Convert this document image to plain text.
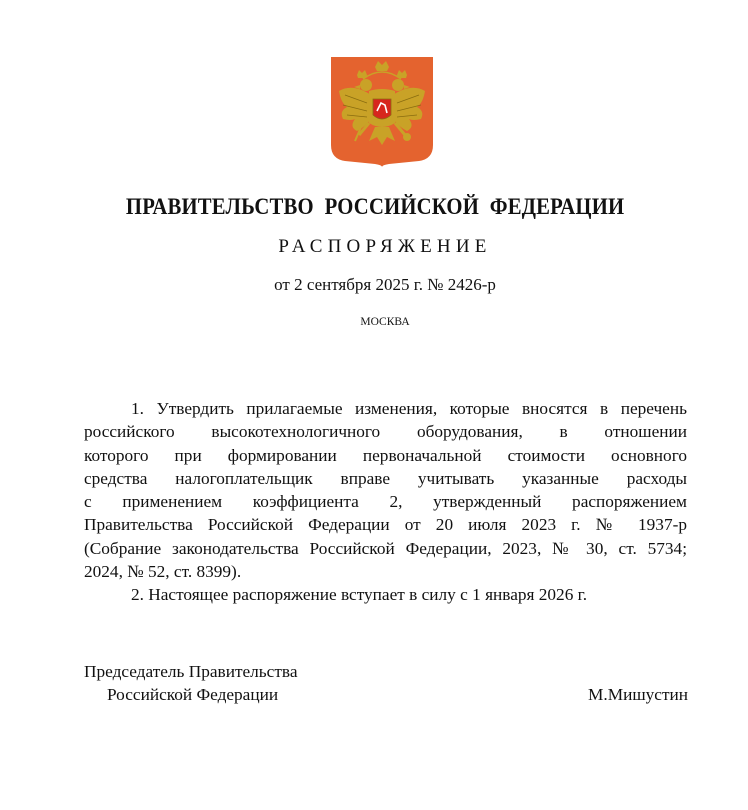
ПРАВИТЕЛЬСТВО РОССИЙСКОЙ ФЕДЕРАЦИИ
РАСПОРЯЖЕНИЕ
от 2 сентября 2025 г. № 2426-р
МОСКВА
1. Утвердить прилагаемые изменения, которые вносятся в перечень
российского высокотехнологичного оборудования, в отношении
которого при формировании первоначальной стоимости основного
средства налогоплательщик вправе учитывать указанные расходы
с применением коэффициента 2, утвержденный распоряжением
Правительства Российской Федерации от 20 июля 2023 г. № 1937-р
(Собрание законодательства Российской Федерации, 2023, № 30, ст. 5734;
2024, № 52, ст. 8399).
2. Настоящее распоряжение вступает в силу с 1 января 2026 г.
Председатель Правительства
Российской Федерации	М.Мишустин
